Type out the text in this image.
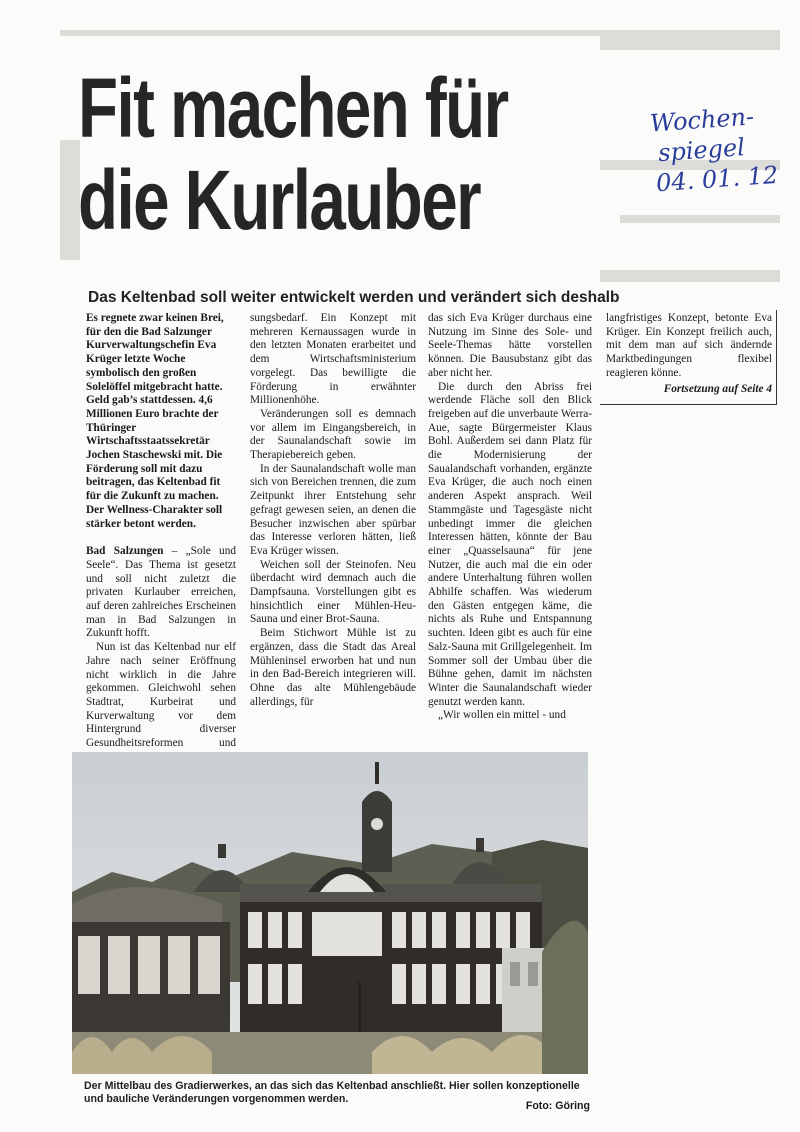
Fit machen für
die Kurlauber
Wochen-
spiegel
04. 01. 12
Das Keltenbad soll weiter entwickelt werden und verändert sich deshalb

Es regnete zwar keinen Brei, für den die Bad Salzunger Kurverwaltungschefin Eva Krüger letzte Woche symbolisch den großen Solelöffel mitgebracht hatte. Geld gab’s stattdessen. 4,6 Millionen Euro brachte der Thüringer Wirtschaftsstaatssekretär Jochen Staschewski mit. Die Förderung soll mit dazu beitragen, das Keltenbad fit für die Zukunft zu machen. Der Wellness-Charakter soll stärker betont werden.

Bad Salzungen – „Sole und Seele“. Das Thema ist gesetzt und soll nicht zuletzt die privaten Kurlauber erreichen, auf deren zahlreiches Erscheinen man in Bad Salzungen in Zukunft hofft.

Nun ist das Keltenbad nur elf Jahre nach seiner Eröffnung nicht wirklich in die Jahre gekommen. Gleichwohl sehen Stadtrat, Kurbeirat und Kurverwaltung vor dem Hintergrund diverser Gesundheitsreformen und

sungsbedarf. Ein Konzept mit mehreren Kernaussagen wurde in den letzten Monaten erarbeitet und dem Wirtschaftsministerium vorgelegt. Das bewilligte die Förderung in erwähnter Millionenhöhe.

Veränderungen soll es demnach vor allem im Eingangsbereich, in der Saunalandschaft sowie im Therapiebereich geben.

In der Saunalandschaft wolle man sich von Bereichen trennen, die zum Zeitpunkt ihrer Entstehung sehr gefragt gewesen seien, an denen die Besucher inzwischen aber spürbar das Interesse verloren hätten, ließ Eva Krüger wissen.

Weichen soll der Steinofen. Neu überdacht wird demnach auch die Dampfsauna. Vorstellungen gibt es hinsichtlich einer Mühlen-Heu-Sauna und einer Brot-Sauna.

Beim Stichwort Mühle ist zu ergänzen, dass die Stadt das Areal Mühleninsel erworben hat und nun in den Bad-Bereich integrieren will. Ohne das alte Mühlengebäude allerdings, für

das sich Eva Krüger durchaus eine Nutzung im Sinne des Sole- und Seele-Themas hätte vorstellen können. Die Bausubstanz gibt das aber nicht her.

Die durch den Abriss frei werdende Fläche soll den Blick freigeben auf die unverbaute Werra-Aue, sagte Bürgermeister Klaus Bohl. Außerdem sei dann Platz für die Modernisierung der Saualandschaft vorhanden, ergänzte Eva Krüger, die auch noch einen anderen Aspekt ansprach. Weil Stammgäste und Tagesgäste nicht unbedingt immer die gleichen Interessen hätten, könnte der Bau einer „Quasselsauna“ für jene Nutzer, die auch mal die ein oder andere Unterhaltung führen wollen Abhilfe schaffen. Was wiederum den Gästen entgegen käme, die nichts als Ruhe und Entspannung suchten. Ideen gibt es auch für eine Salz-Sauna mit Grillgelegenheit. Im Sommer soll der Umbau über die Bühne gehen, damit im nächsten Winter die Saunalandschaft wieder genutzt werden kann.

„Wir wollen ein mittel - und

langfristiges Konzept, betonte Eva Krüger. Ein Konzept freilich auch, mit dem man auf sich ändernde Marktbedingungen flexibel reagieren könne.

Fortsetzung auf Seite 4
Der Mittelbau des Gradierwerkes, an das sich das Keltenbad anschließt. Hier sollen konzeptionelle und bauliche Veränderungen vorgenommen werden.
Foto: Göring
